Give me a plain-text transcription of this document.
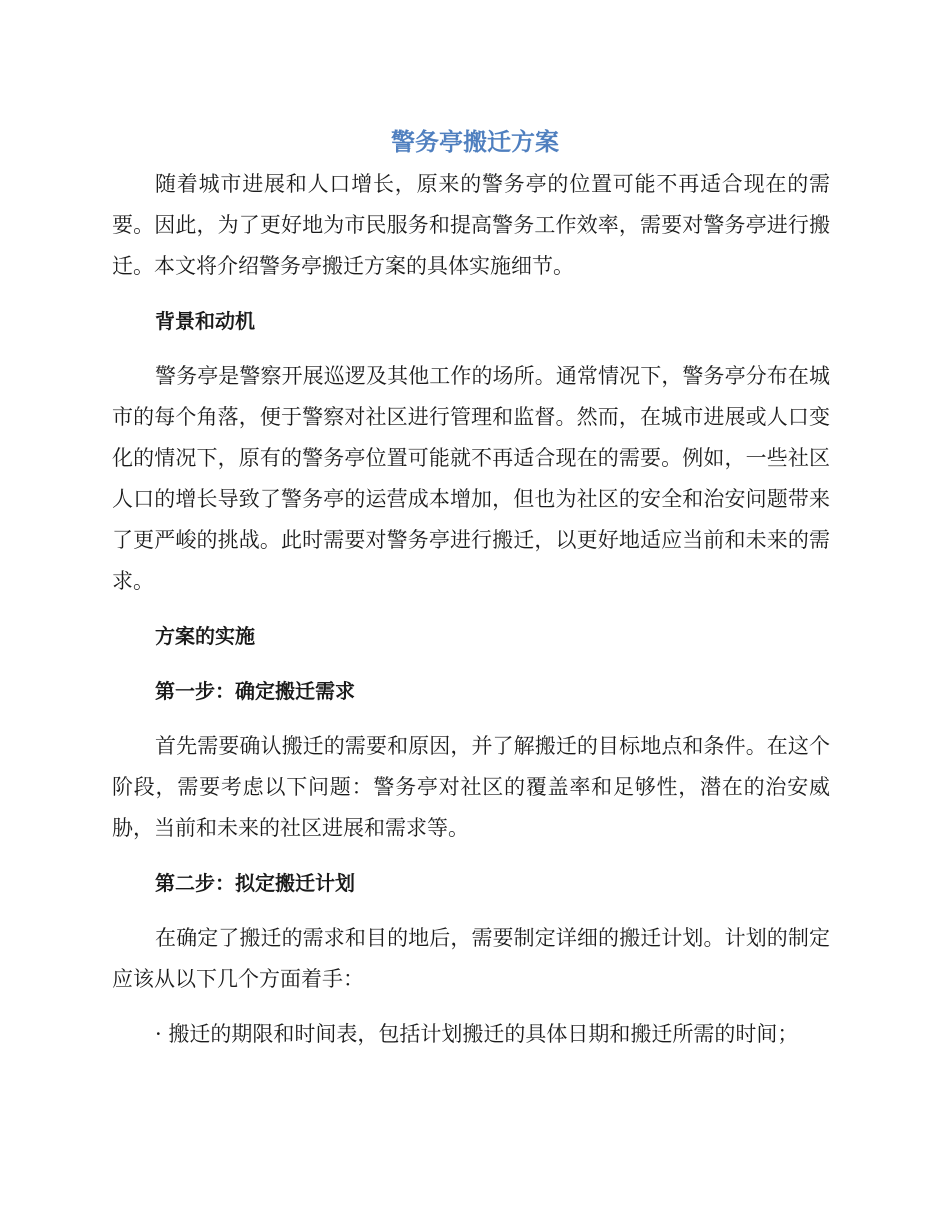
警务亭搬迁方案

随着城市进展和人口增长，原来的警务亭的位置可能不再适合现在的需要。因此，为了更好地为市民服务和提高警务工作效率，需要对警务亭进行搬迁。本文将介绍警务亭搬迁方案的具体实施细节。

背景和动机

警务亭是警察开展巡逻及其他工作的场所。通常情况下，警务亭分布在城市的每个角落，便于警察对社区进行管理和监督。然而，在城市进展或人口变化的情况下，原有的警务亭位置可能就不再适合现在的需要。例如，一些社区人口的增长导致了警务亭的运营成本增加，但也为社区的安全和治安问题带来了更严峻的挑战。此时需要对警务亭进行搬迁，以更好地适应当前和未来的需求。

方案的实施
第一步：确定搬迁需求

首先需要确认搬迁的需要和原因，并了解搬迁的目标地点和条件。在这个阶段，需要考虑以下问题：警务亭对社区的覆盖率和足够性，潜在的治安威胁，当前和未来的社区进展和需求等。

第二步：拟定搬迁计划

在确定了搬迁的需求和目的地后，需要制定详细的搬迁计划。计划的制定应该从以下几个方面着手：

· 搬迁的期限和时间表，包括计划搬迁的具体日期和搬迁所需的时间；
